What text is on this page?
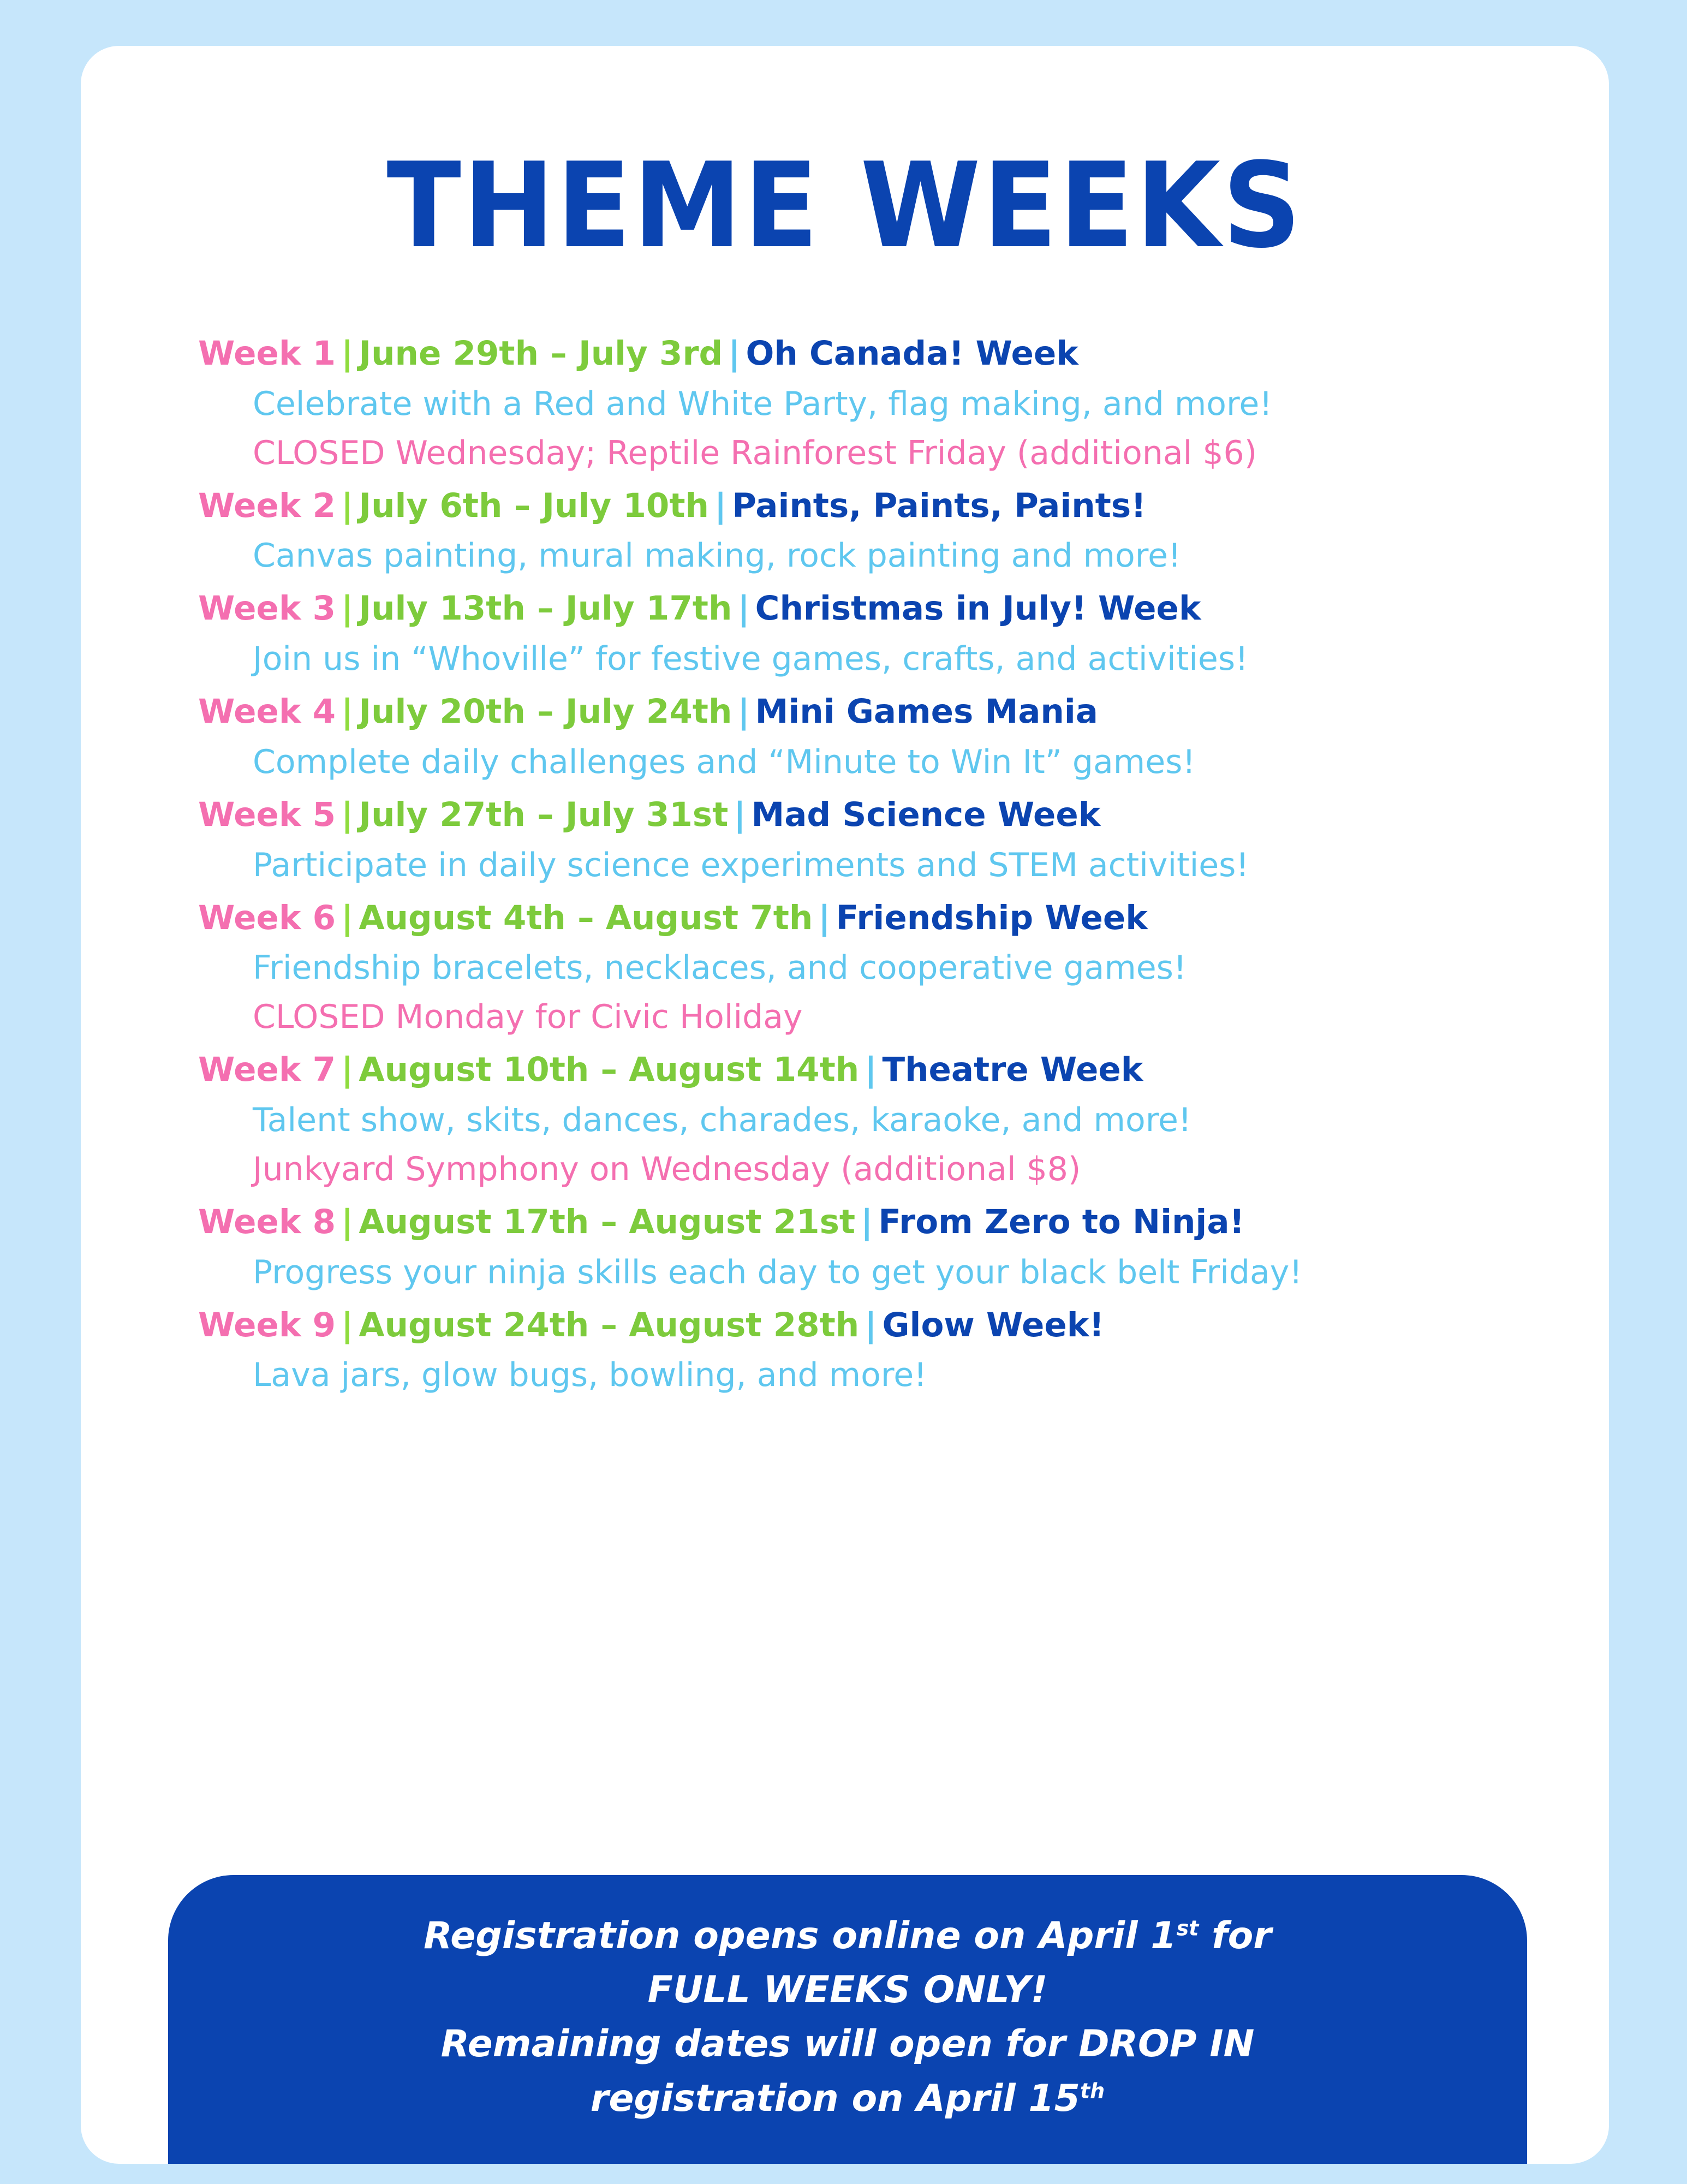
THEME WEEKS
Week 1 | June 29th – July 3rd | Oh Canada! Week
Celebrate with a Red and White Party, flag making, and more!
CLOSED Wednesday; Reptile Rainforest Friday (additional $6)
Week 2 | July 6th – July 10th | Paints, Paints, Paints!
Canvas painting, mural making, rock painting and more!
Week 3 | July 13th – July 17th | Christmas in July! Week
Join us in “Whoville” for festive games, crafts, and activities!
Week 4 | July 20th – July 24th | Mini Games Mania
Complete daily challenges and “Minute to Win It” games!
Week 5 | July 27th – July 31st | Mad Science Week
Participate in daily science experiments and STEM activities!
Week 6 | August 4th – August 7th | Friendship Week
Friendship bracelets, necklaces, and cooperative games!
CLOSED Monday for Civic Holiday
Week 7 | August 10th – August 14th | Theatre Week
Talent show, skits, dances, charades, karaoke, and more!
Junkyard Symphony on Wednesday (additional $8)
Week 8 | August 17th – August 21st | From Zero to Ninja!
Progress your ninja skills each day to get your black belt Friday!
Week 9 | August 24th – August 28th | Glow Week!
Lava jars, glow bugs, bowling, and more!
Registration opens online on April 1st for
FULL WEEKS ONLY!
Remaining dates will open for DROP IN
registration on April 15th
